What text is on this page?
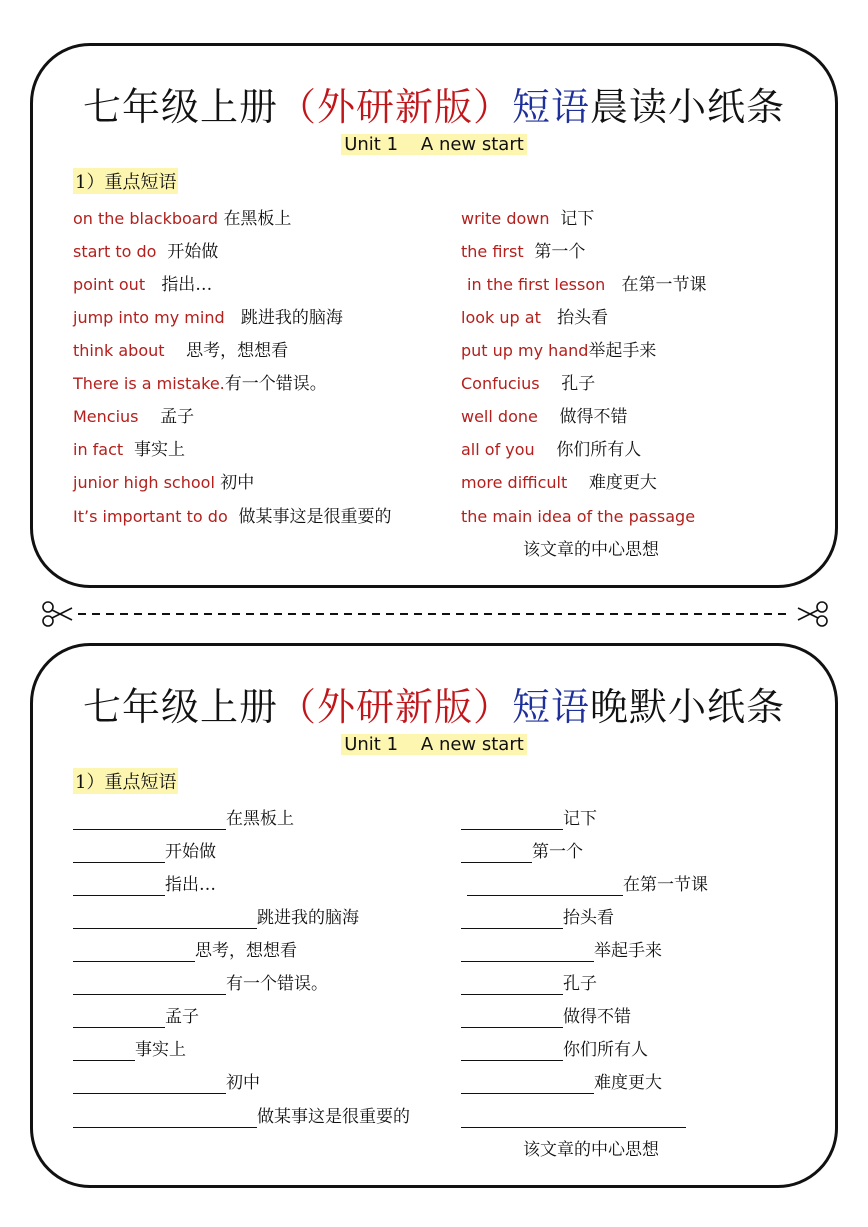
七年级上册（外研新版）短语晨读小纸条
Unit 1    A new start
1）重点短语
on the blackboard 在黑板上
start to do 开始做
point out 指出…
jump into my mind 跳进我的脑海
think about 思考，想想看
There is a mistake.有一个错误。
Mencius 孟子
in fact 事实上
junior high school 初中
It’s important to do 做某事这是很重要的
write down 记下
the first 第一个
in the first lesson 在第一节课
look up at 抬头看
put up my hand举起手来
Confucius 孔子
well done 做得不错
all of you 你们所有人
more difficult 难度更大
the main idea of the passage
该文章的中心思想
七年级上册（外研新版）短语晚默小纸条
Unit 1    A new start
1）重点短语
在黑板上
开始做
指出…
跳进我的脑海
思考，想想看
有一个错误。
孟子
事实上
初中
做某事这是很重要的
记下
第一个
在第一节课
抬头看
举起手来
孔子
做得不错
你们所有人
难度更大
该文章的中心思想
